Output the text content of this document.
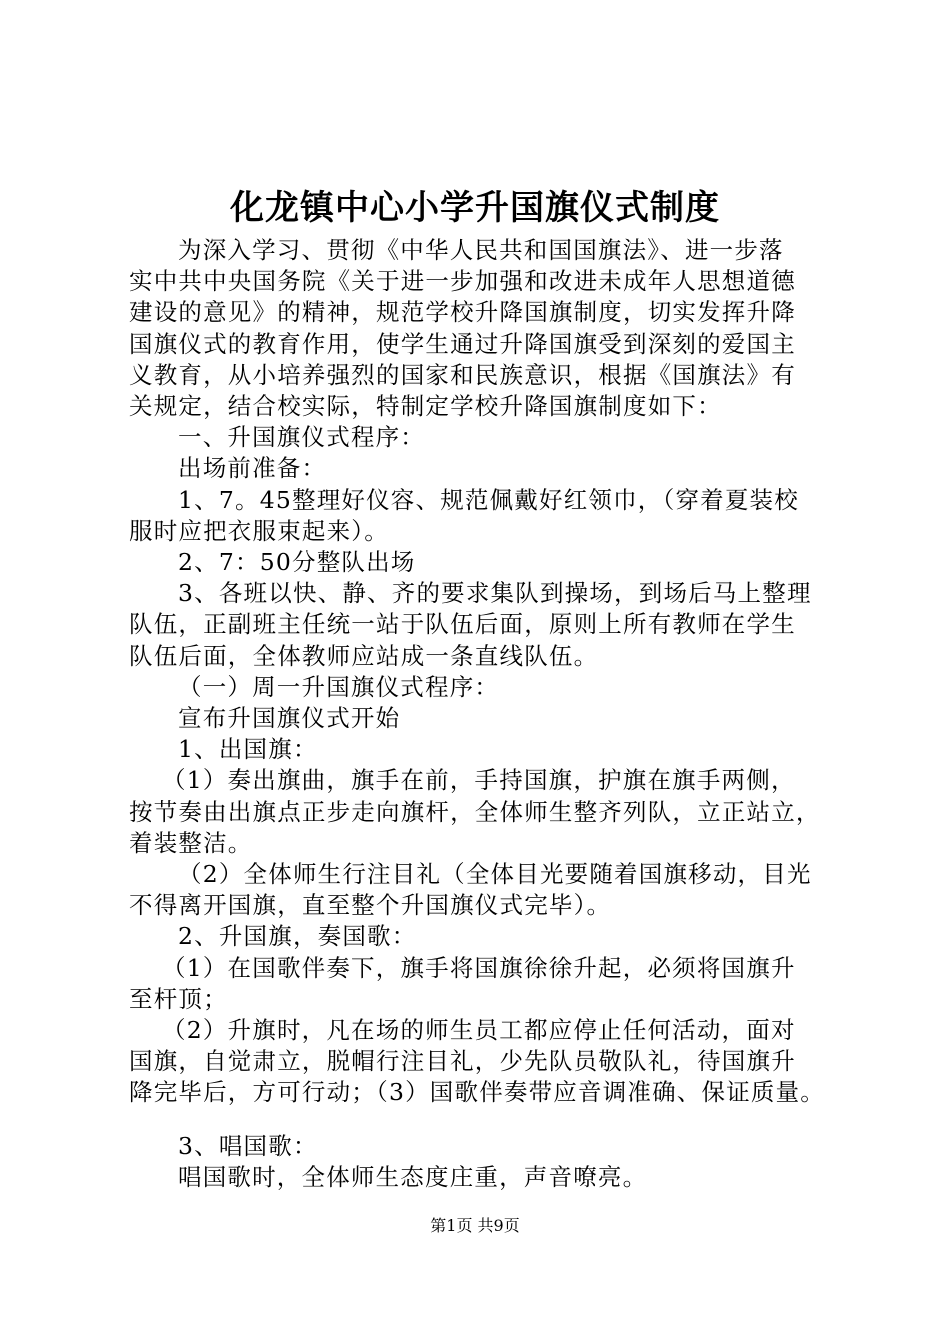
化龙镇中心小学升国旗仪式制度
为深入学习、贯彻《中华人民共和国国旗法》、进一步落
实中共中央国务院《关于进一步加强和改进未成年人思想道德
建设的意见》的精神，规范学校升降国旗制度，切实发挥升降
国旗仪式的教育作用，使学生通过升降国旗受到深刻的爱国主
义教育，从小培养强烈的国家和民族意识，根据《国旗法》有
关规定，结合校实际，特制定学校升降国旗制度如下：
一、升国旗仪式程序：
出场前准备：
1、7。45整理好仪容、规范佩戴好红领巾，（穿着夏装校
服时应把衣服束起来）。
2、7：50分整队出场
3、各班以快、静、齐的要求集队到操场，到场后马上整理
队伍，正副班主任统一站于队伍后面，原则上所有教师在学生
队伍后面，全体教师应站成一条直线队伍。
（一）周一升国旗仪式程序：
宣布升国旗仪式开始
1、出国旗：
（1）奏出旗曲，旗手在前，手持国旗，护旗在旗手两侧，
按节奏由出旗点正步走向旗杆，全体师生整齐列队，立正站立，
着装整洁。
（2）全体师生行注目礼（全体目光要随着国旗移动，目光
不得离开国旗，直至整个升国旗仪式完毕）。
2、升国旗，奏国歌：
（1）在国歌伴奏下，旗手将国旗徐徐升起，必须将国旗升
至杆顶；
（2）升旗时，凡在场的师生员工都应停止任何活动，面对
国旗，自觉肃立，脱帽行注目礼，少先队员敬队礼，待国旗升
降完毕后，方可行动；（3）国歌伴奏带应音调准确、保证质量。
3、唱国歌：
唱国歌时，全体师生态度庄重，声音嘹亮。
第1页 共9页
